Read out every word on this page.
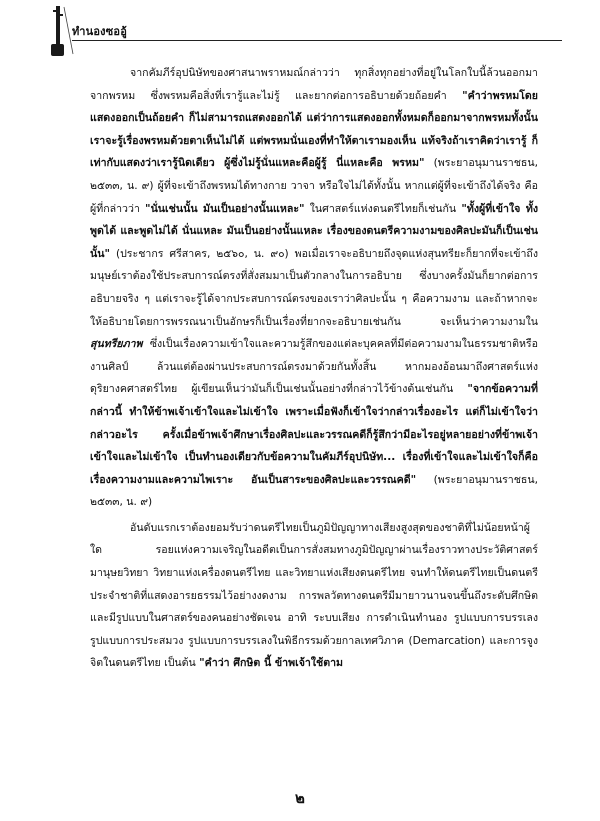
ทำนองซออู้

จากคัมภีร์อุปนิษัทของศาสนาพราหมณ์กล่าวว่า ทุกสิ่งทุกอย่างที่อยู่ในโลกใบนี้ล้วนออกมาจากพรหม ซึ่งพรหมคือสิ่งที่เรารู้และไม่รู้ และยากต่อการอธิบายด้วยถ้อยคำ "คำว่าพรหมโดยแสดงออกเป็นถ้อยคำ ก็ไม่สามารถแสดงออกได้ แต่ว่าการแสดงออกทั้งหมดก็ออกมาจากพรหมทั้งนั้น เราจะรู้เรื่องพรหมด้วยตาเห็นไม่ได้ แต่พรหมนั่นเองที่ทำให้ตาเรามองเห็น แท้จริงถ้าเราคิดว่าเรารู้ ก็เท่ากับแสดงว่าเรารู้นิดเดียว ผู้ซึ่งไม่รู้นั่นแหละคือผู้รู้ นี่แหละคือ พรหม" (พระยาอนุมานราชธน, ๒๕๓๓, น. ๙) ผู้ที่จะเข้าถึงพรหมได้ทางกาย วาจา หรือใจไม่ได้ทั้งนั้น หากแต่ผู้ที่จะเข้าถึงได้จริง คือผู้ที่กล่าวว่า "นั่นเช่นนั้น มันเป็นอย่างนั้นแหละ" ในศาสตร์แห่งดนตรีไทยก็เช่นกัน "ทั้งผู้ที่เข้าใจ ทั้งพูดได้ และพูดไม่ได้ นั่นแหละ มันเป็นอย่างนั้นแหละ เรื่องของดนตรีความงามของศิลปะมันก็เป็นเช่นนั้น" (ประชากร ศรีสาคร, ๒๕๖๐, น. ๙๐) พอเมื่อเราจะอธิบายถึงจุดแห่งสุนทรียะก็ยากที่จะเข้าถึง มนุษย์เราต้องใช้ประสบการณ์ตรงที่สั่งสมมาเป็นตัวกลางในการอธิบาย ซึ่งบางครั้งมันก็ยากต่อการอธิบายจริง ๆ แต่เราจะรู้ได้จากประสบการณ์ตรงของเราว่าศิลปะนั้น ๆ คือความงาม และถ้าหากจะให้อธิบายโดยการพรรณนาเป็นอักษรก็เป็นเรื่องที่ยากจะอธิบายเช่นกัน จะเห็นว่าความงามใน สุนทรียภาพ ซึ่งเป็นเรื่องความเข้าใจและความรู้สึกของแต่ละบุคคลที่มีต่อความงามในธรรมชาติหรืองานศิลป์ ล้วนแต่ต้องผ่านประสบการณ์ตรงมาด้วยกันทั้งสิ้น หากมองอ้อนมาถึงศาสตร์แห่งดุริยางคศาสตร์ไทย ผู้เขียนเห็นว่ามันก็เป็นเช่นนั้นอย่างที่กล่าวไว้ข้างต้นเช่นกัน "จากข้อความที่กล่าวนี้ ทำให้ข้าพเจ้าเข้าใจและไม่เข้าใจ เพราะเมื่อฟังก็เข้าใจว่ากล่าวเรื่องอะไร แต่ก็ไม่เข้าใจว่ากล่าวอะไร ครั้งเมื่อข้าพเจ้าศึกษาเรื่องศิลปะและวรรณคดีก็รู้สึกว่ามีอะไรอยู่หลายอย่างที่ข้าพเจ้าเข้าใจและไม่เข้าใจ เป็นทำนองเดียวกับข้อความในคัมภีร์อุปนิษัท... เรื่องที่เข้าใจและไม่เข้าใจก็คือเรื่องความงามและความไพเราะ อันเป็นสาระของศิลปะและวรรณคดี" (พระยาอนุมานราชธน, ๒๕๓๓, น. ๙)

อันดับแรกเราต้องยอมรับว่าดนตรีไทยเป็นภูมิปัญญาทางเสียงสูงสุดของชาติที่ไม่น้อยหน้าผู้ใด รอยแห่งความเจริญในอดีตเป็นการสั่งสมทางภูมิปัญญาผ่านเรื่องราวทางประวัติศาสตร์ มานุษยวิทยา วิทยาแห่งเครื่องดนตรีไทย และวิทยาแห่งเสียงดนตรีไทย จนทำให้ดนตรีไทยเป็นดนตรีประจำชาติที่แสดงอารยธรรมไว้อย่างงดงาม การพลวัตทางดนตรีมีมายาวนานจนขึ้นถึงระดับศึกษิตและมีรูปแบบในศาสตร์ของคนอย่างชัดเจน อาทิ ระบบเสียง การดำเนินทำนอง รูปแบบการบรรเลง รูปแบบการประสมวง รูปแบบการบรรเลงในพิธีกรรมด้วยกาลเทศวิภาค (Demarcation) และการจูงจิตในดนตรีไทย เป็นต้น "คำว่า ศึกษิต นี้ ข้าพเจ้าใช้ตาม

๒
